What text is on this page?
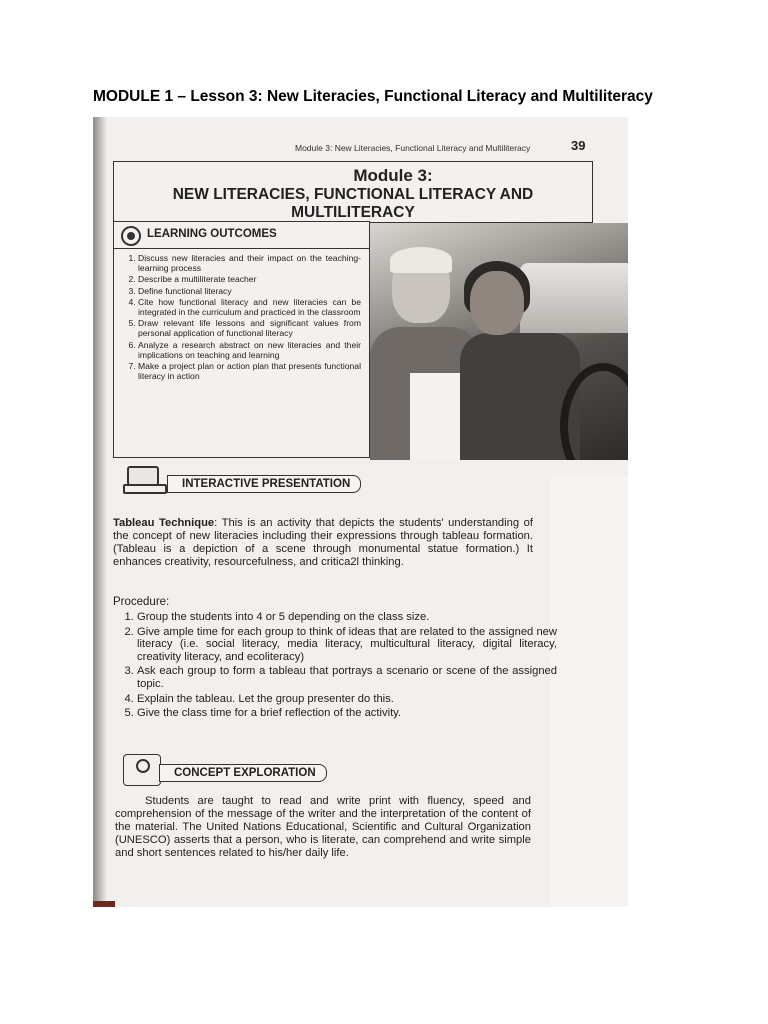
MODULE 1 – Lesson 3: New Literacies, Functional Literacy and Multiliteracy
Module 3: New Literacies, Functional Literacy and Multiliteracy	39
Module 3:
NEW LITERACIES, FUNCTIONAL LITERACY AND
MULTILITERACY
LEARNING OUTCOMES
1. Discuss new literacies and their impact on the teaching-learning process
2. Describe a multiliterate teacher
3. Define functional literacy
4. Cite how functional literacy and new literacies can be integrated in the curriculum and practiced in the classroom
5. Draw relevant life lessons and significant values from personal application of functional literacy
6. Analyze a research abstract on new literacies and their implications on teaching and learning
7. Make a project plan or action plan that presents functional literacy in action
INTERACTIVE PRESENTATION
Tableau Technique: This is an activity that depicts the students' understanding of the concept of new literacies including their expressions through tableau formation. (Tableau is a depiction of a scene through monumental statue formation.) It enhances creativity, resourcefulness, and critica2l thinking.
Procedure:
1. Group the students into 4 or 5 depending on the class size.
2. Give ample time for each group to think of ideas that are related to the assigned new literacy (i.e. social literacy, media literacy, multicultural literacy, digital literacy, creativity literacy, and ecoliteracy)
3. Ask each group to form a tableau that portrays a scenario or scene of the assigned topic.
4. Explain the tableau. Let the group presenter do this.
5. Give the class time for a brief reflection of the activity.
CONCEPT EXPLORATION
Students are taught to read and write print with fluency, speed and comprehension of the message of the writer and the interpretation of the content of the material. The United Nations Educational, Scientific and Cultural Organization (UNESCO) asserts that a person, who is literate, can comprehend and write simple and short sentences related to his/her daily life.
